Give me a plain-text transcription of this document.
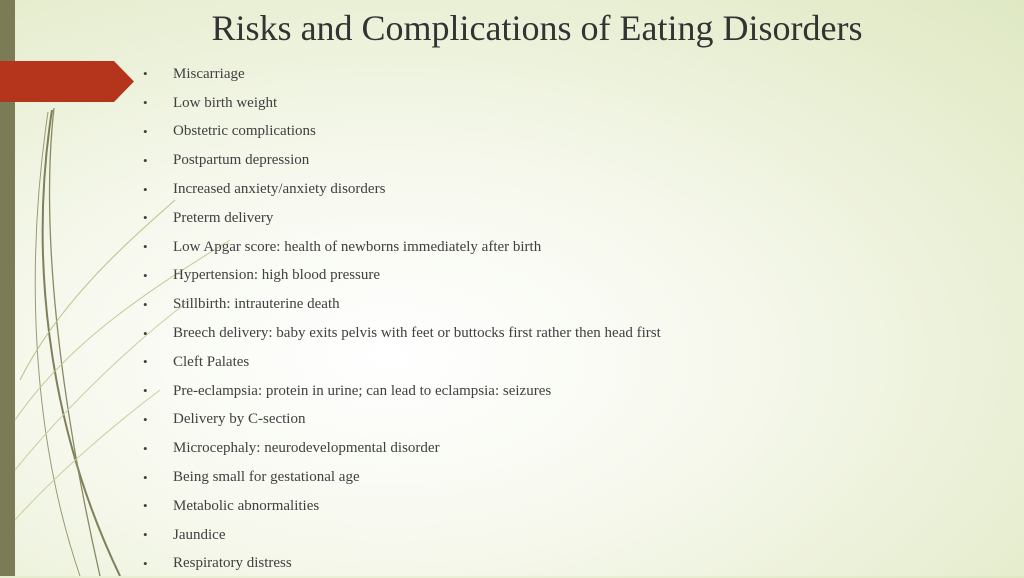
Risks and Complications of Eating Disorders
•	Miscarriage
•	Low birth weight
•	Obstetric complications
•	Postpartum depression
•	Increased anxiety/anxiety disorders
•	Preterm delivery
•	Low Apgar score: health of newborns immediately after birth
•	Hypertension: high blood pressure
•	Stillbirth: intrauterine death
•	Breech delivery: baby exits pelvis with feet or buttocks first rather then head first
•	Cleft Palates
•	Pre-eclampsia: protein in urine; can lead to eclampsia: seizures
•	Delivery by C-section
•	Microcephaly: neurodevelopmental disorder
•	Being small for gestational age
•	Metabolic abnormalities
•	Jaundice
•	Respiratory distress
